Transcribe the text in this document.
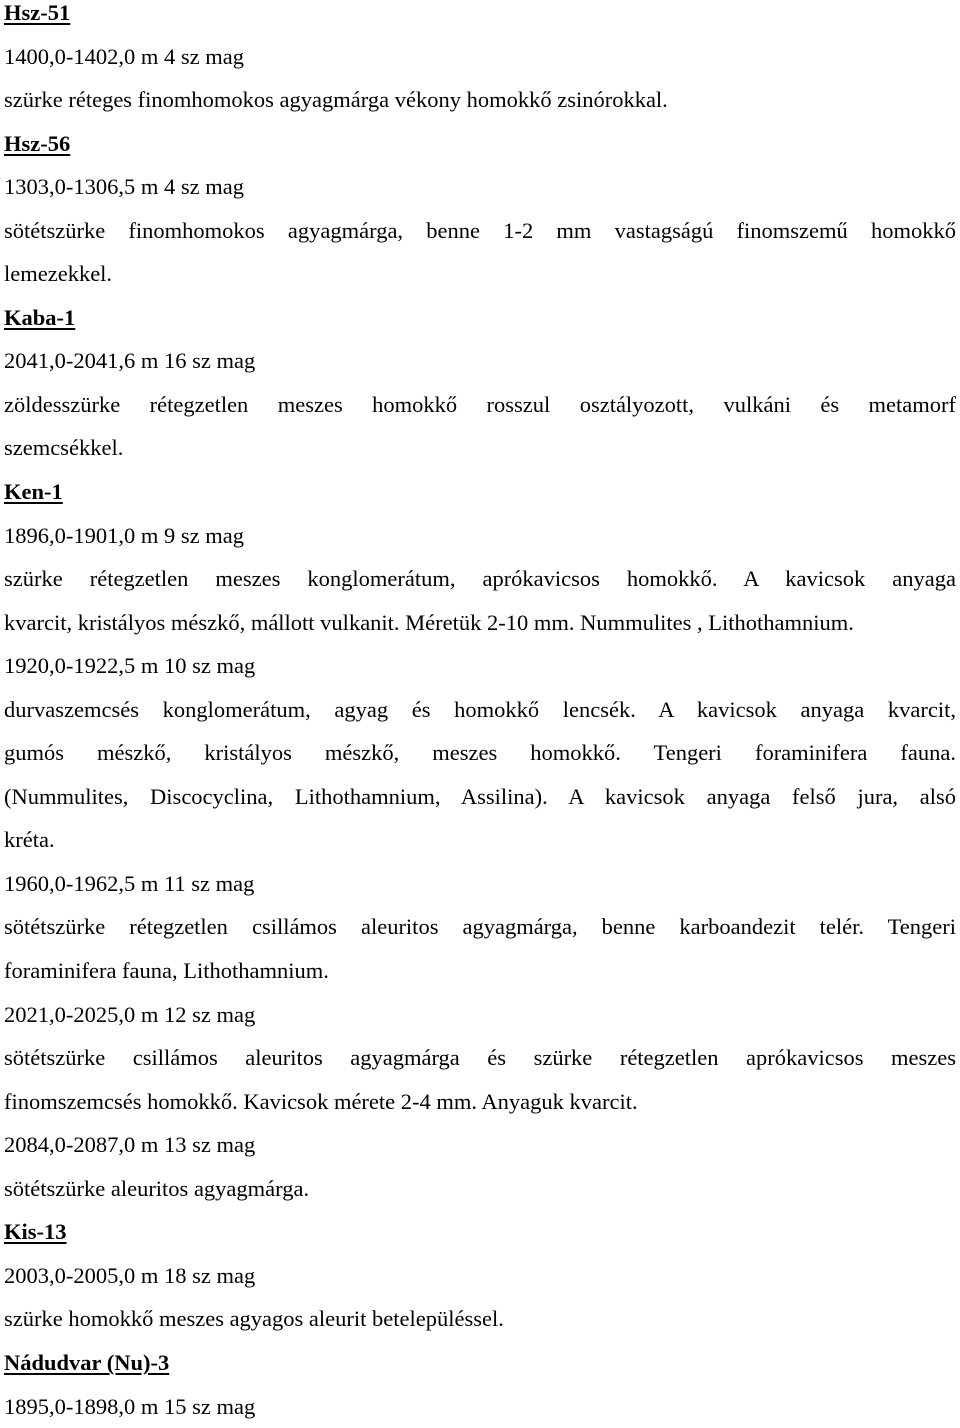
Hsz-51
1400,0-1402,0 m 4 sz mag
szürke réteges finomhomokos agyagmárga vékony homokkő zsinórokkal.
Hsz-56
1303,0-1306,5 m 4 sz mag
sötétszürke finomhomokos agyagmárga, benne 1-2 mm vastagságú finomszemű homokkő
lemezekkel.
Kaba-1
2041,0-2041,6 m 16 sz mag
zöldesszürke rétegzetlen meszes homokkő rosszul osztályozott, vulkáni és metamorf
szemcsékkel.
Ken-1
1896,0-1901,0 m 9 sz mag
szürke rétegzetlen meszes konglomerátum, aprókavicsos homokkő. A kavicsok anyaga
kvarcit, kristályos mészkő, mállott vulkanit. Méretük 2-10 mm. Nummulites , Lithothamnium.
1920,0-1922,5 m 10 sz mag
durvaszemcsés konglomerátum, agyag és homokkő lencsék. A kavicsok anyaga kvarcit,
gumós mészkő, kristályos mészkő, meszes homokkő. Tengeri foraminifera fauna.
(Nummulites, Discocyclina, Lithothamnium, Assilina). A kavicsok anyaga felső jura, alsó
kréta.
1960,0-1962,5 m 11 sz mag
sötétszürke rétegzetlen csillámos aleuritos agyagmárga, benne karboandezit telér. Tengeri
foraminifera fauna, Lithothamnium.
2021,0-2025,0 m 12 sz mag
sötétszürke csillámos aleuritos agyagmárga és szürke rétegzetlen aprókavicsos meszes
finomszemcsés homokkő. Kavicsok mérete 2-4 mm. Anyaguk kvarcit.
2084,0-2087,0 m 13 sz mag
sötétszürke aleuritos agyagmárga.
Kis-13
2003,0-2005,0 m 18 sz mag
szürke homokkő meszes agyagos aleurit betelepüléssel.
Nádudvar (Nu)-3
1895,0-1898,0 m 15 sz mag
